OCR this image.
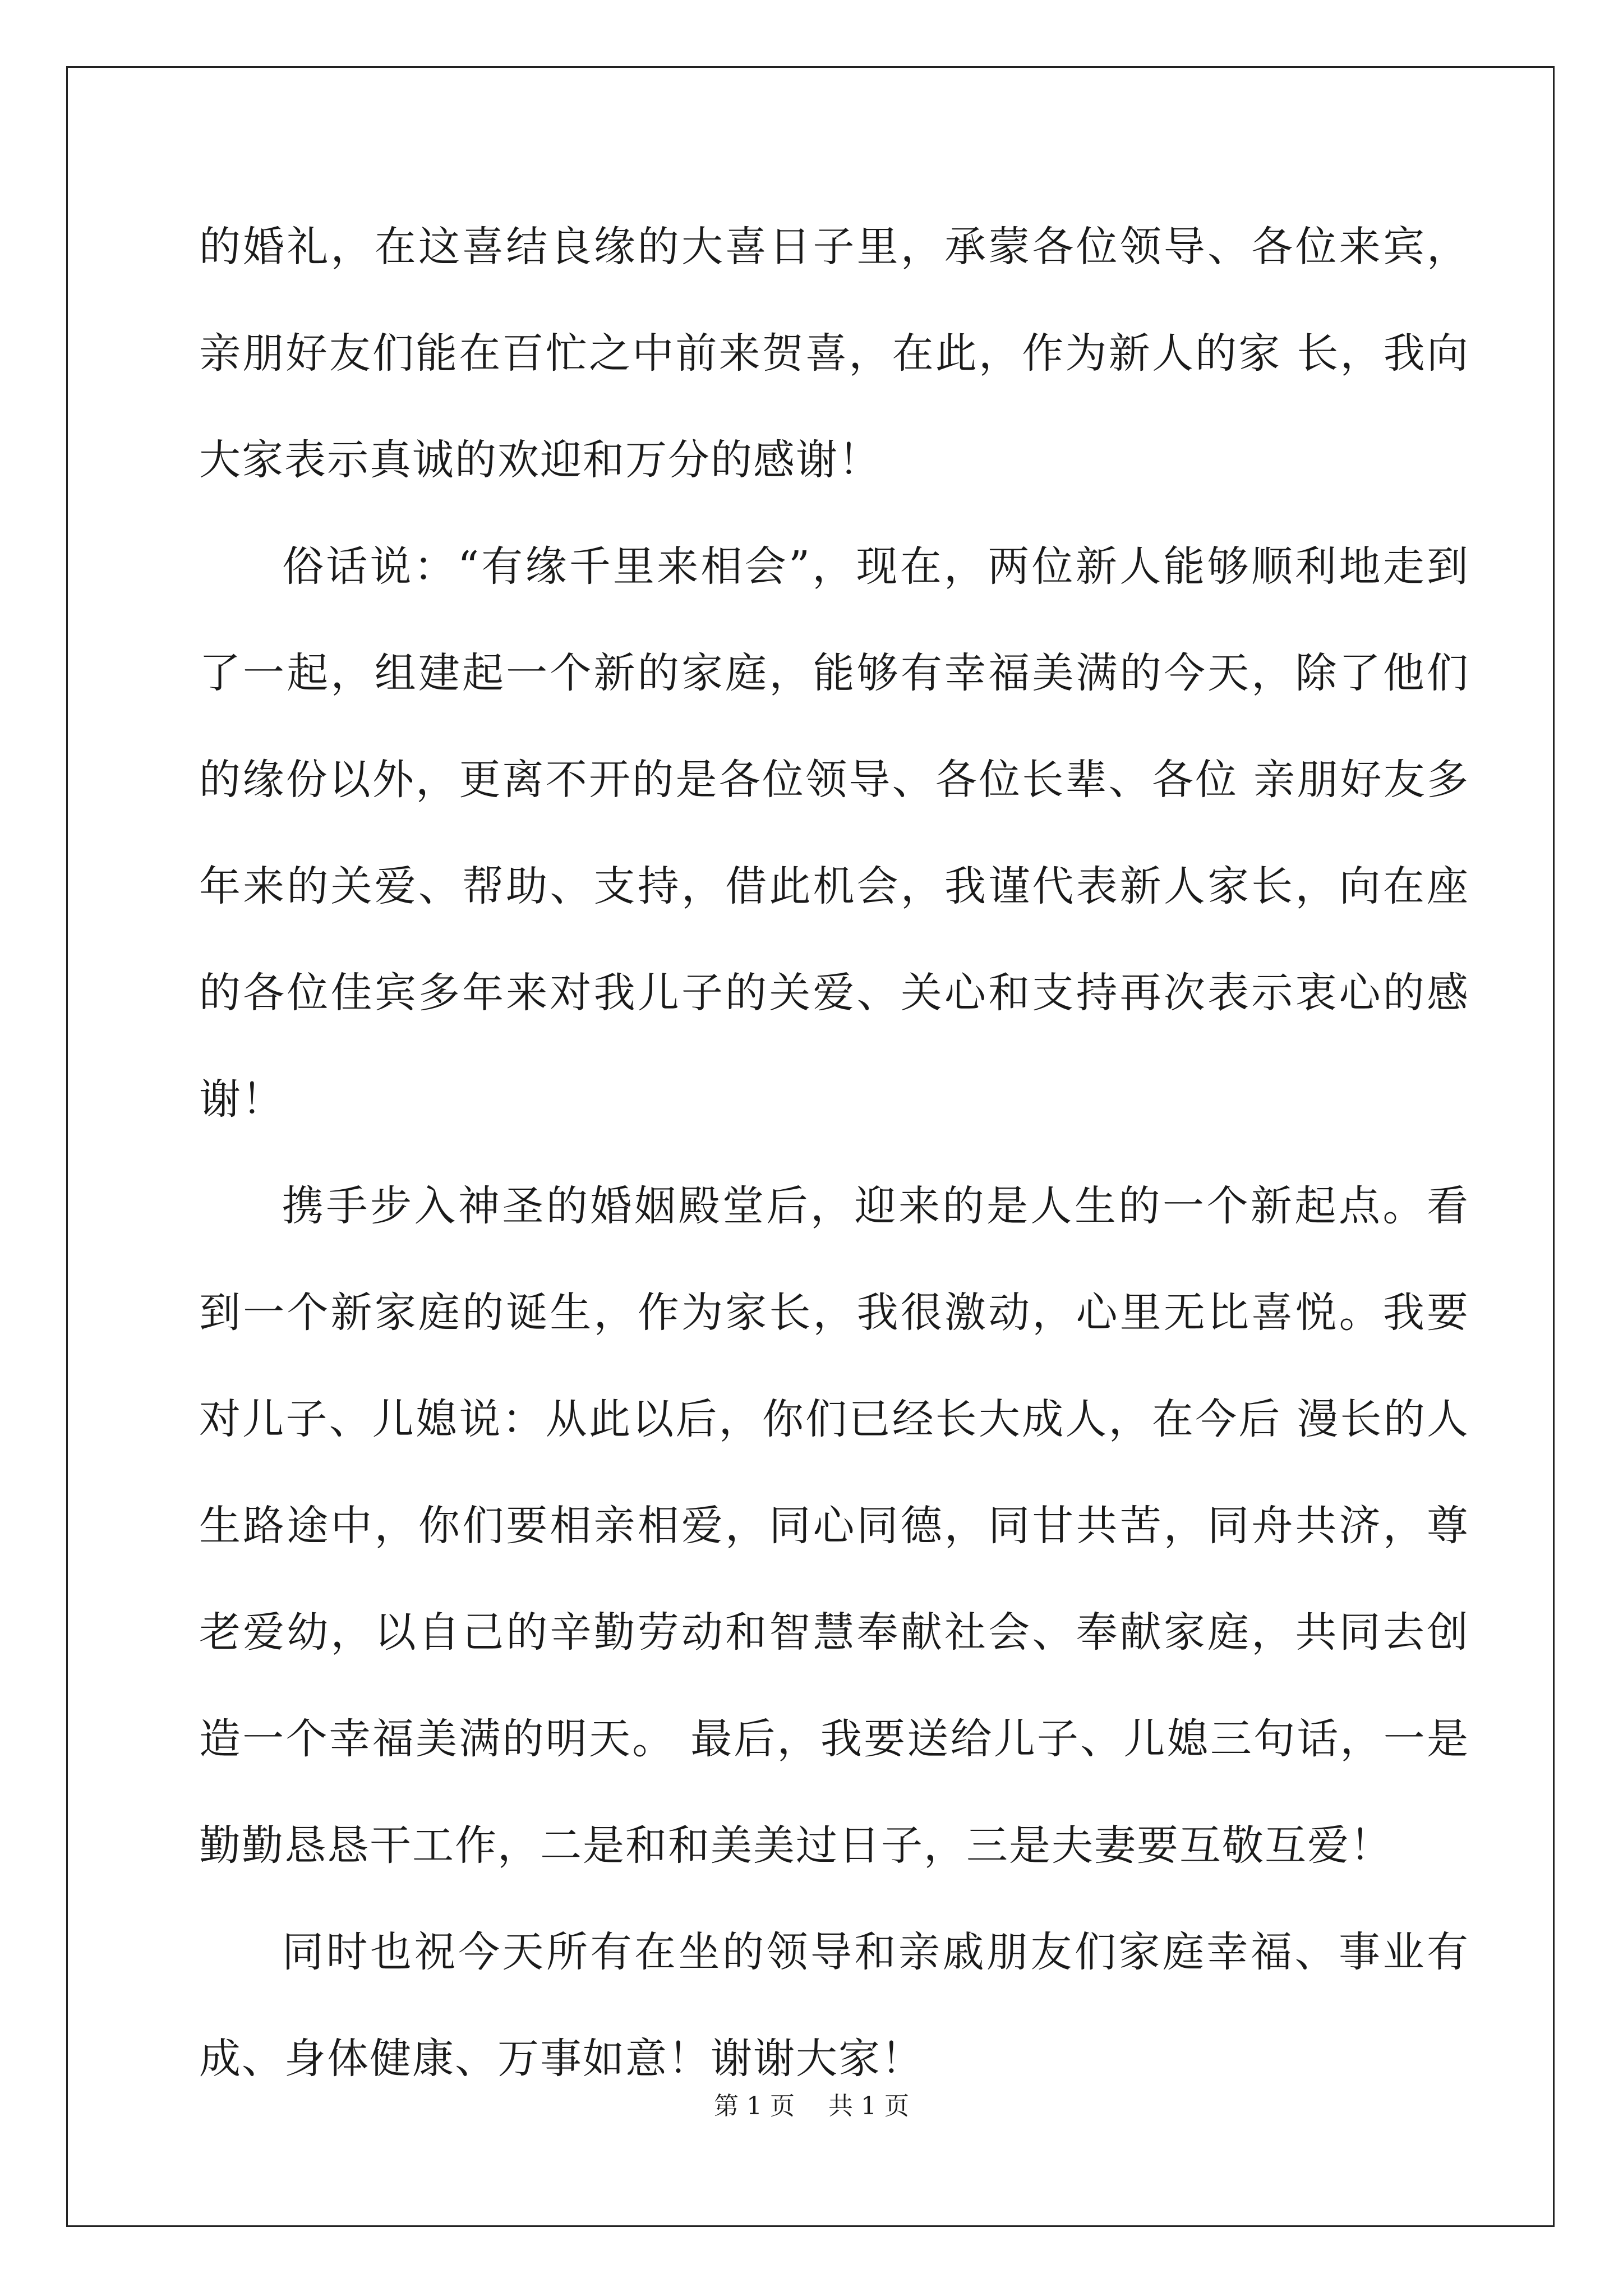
的婚礼，在这喜结良缘的大喜日子里，承蒙各位领导、各位来宾，亲朋好友们能在百忙之中前来贺喜，在此，作为新人的家 长，我向大家表示真诚的欢迎和万分的感谢！

俗话说：“有缘千里来相会”，现在，两位新人能够顺利地走到了一起，组建起一个新的家庭，能够有幸福美满的今天，除了他们的缘份以外，更离不开的是各位领导、各位长辈、各位 亲朋好友多年来的关爱、帮助、支持，借此机会，我谨代表新人家长，向在座的各位佳宾多年来对我儿子的关爱、关心和支持再次表示衷心的感谢！

携手步入神圣的婚姻殿堂后，迎来的是人生的一个新起点。看到一个新家庭的诞生，作为家长，我很激动，心里无比喜悦。我要对儿子、儿媳说：从此以后，你们已经长大成人，在今后 漫长的人生路途中，你们要相亲相爱，同心同德，同甘共苦，同舟共济，尊老爱幼，以自己的辛勤劳动和智慧奉献社会、奉献家庭，共同去创造一个幸福美满的明天。 最后，我要送给儿子、儿媳三句话，一是勤勤恳恳干工作，二是和和美美过日子，三是夫妻要互敬互爱！

同时也祝今天所有在坐的领导和亲戚朋友们家庭幸福、事业有成、身体健康、万事如意！谢谢大家！

第 1 页 共 1 页
